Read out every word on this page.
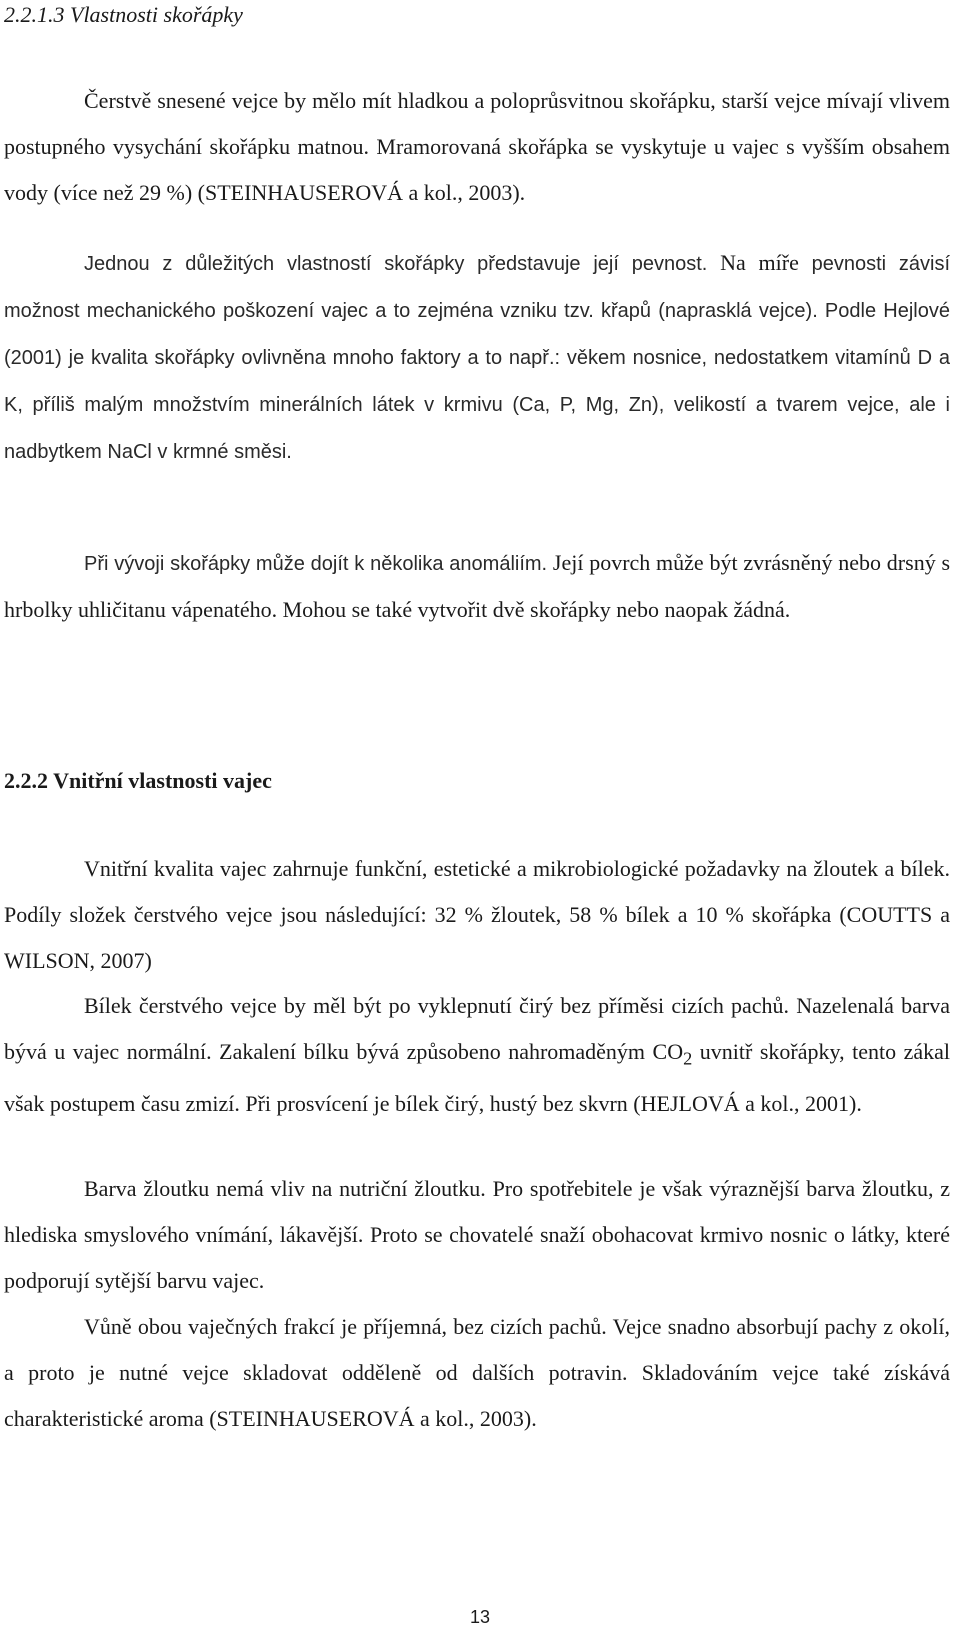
2.2.1.3 Vlastnosti skořápky

Čerstvě snesené vejce by mělo mít hladkou a poloprůsvitnou skořápku, starší vejce mívají vlivem postupného vysychání skořápku matnou. Mramorovaná skořápka se vyskytuje u vajec s vyšším obsahem vody (více než 29 %) (STEINHAUSEROVÁ a kol., 2003).

Jednou z důležitých vlastností skořápky představuje její pevnost. Na míře pevnosti závisí možnost mechanického poškození vajec a to zejména vzniku tzv. křapů (naprasklá vejce). Podle Hejlové (2001) je kvalita skořápky ovlivněna mnoho faktory a to např.: věkem nosnice, nedostatkem vitamínů D a K, příliš malým množstvím minerálních látek v krmivu (Ca, P, Mg, Zn), velikostí a tvarem vejce, ale i nadbytkem NaCl v krmné směsi.

Při vývoji skořápky může dojít k několika anomáliím. Její povrch může být zvrásněný nebo drsný s hrbolky uhličitanu vápenatého. Mohou se také vytvořit dvě skořápky nebo naopak žádná.

2.2.2 Vnitřní vlastnosti vajec

Vnitřní kvalita vajec zahrnuje funkční, estetické a mikrobiologické požadavky na žloutek a bílek. Podíly složek čerstvého vejce jsou následující: 32 % žloutek, 58 % bílek a 10 % skořápka (COUTTS a WILSON, 2007)

Bílek čerstvého vejce by měl být po vyklepnutí čirý bez příměsi cizích pachů. Nazelenalá barva bývá u vajec normální. Zakalení bílku bývá způsobeno nahromaděným $CO_2$ uvnitř skořápky, tento zákal však postupem času zmizí. Při prosvícení je bílek čirý, hustý bez skvrn (HEJLOVÁ a kol., 2001).

Barva žloutku nemá vliv na nutriční žloutku. Pro spotřebitele je však výraznější barva žloutku, z hlediska smyslového vnímání, lákavější. Proto se chovatelé snaží obohacovat krmivo nosnic o látky, které podporují sytější barvu vajec.

Vůně obou vaječných frakcí je příjemná, bez cizích pachů. Vejce snadno absorbují pachy z okolí, a proto je nutné vejce skladovat odděleně od dalších potravin. Skladováním vejce také získává charakteristické aroma (STEINHAUSEROVÁ a kol., 2003).

13
